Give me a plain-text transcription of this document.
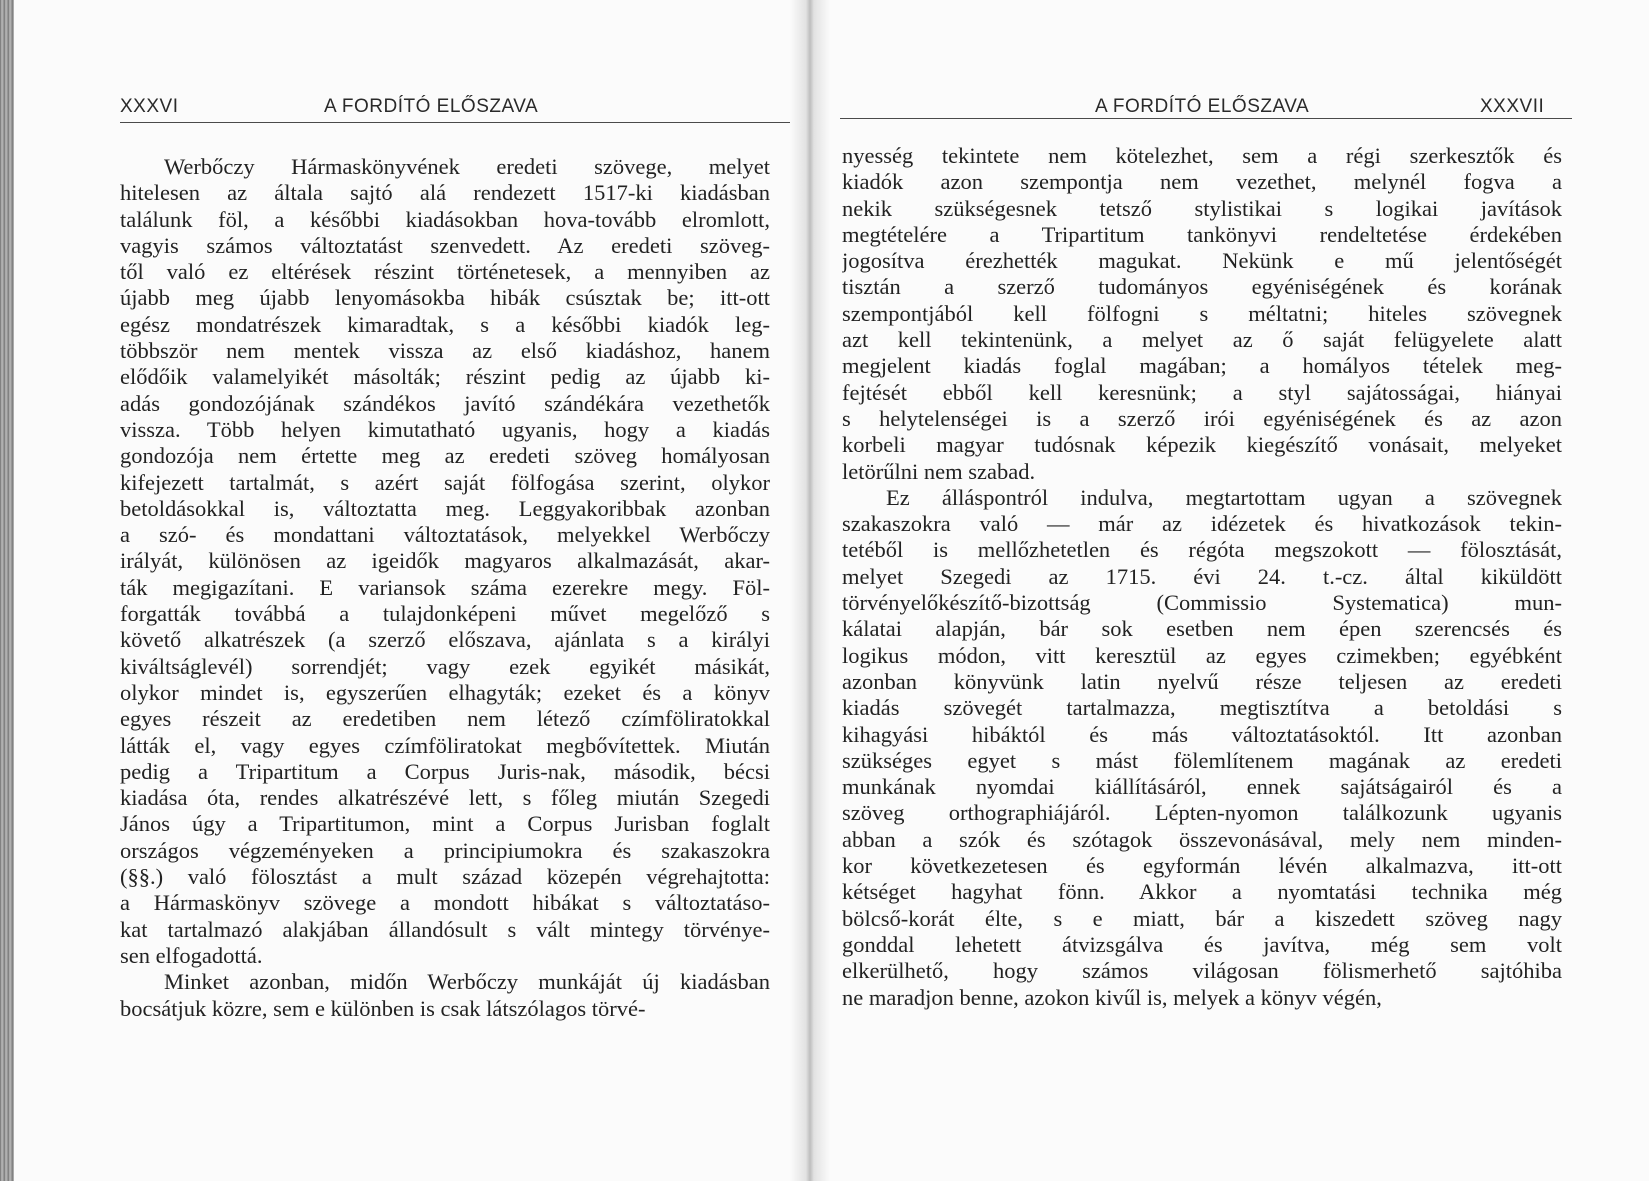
XXXVI	A FORDÍTÓ ELŐSZAVA
Werbőczy Hármaskönyvének eredeti szövege, melyet
hitelesen az általa sajtó alá rendezett 1517-ki kiadásban
találunk föl, a későbbi kiadásokban hova-tovább elromlott,
vagyis számos változtatást szenvedett. Az eredeti szöveg-
től való ez eltérések részint történetesek, a mennyiben az
újabb meg újabb lenyomásokba hibák csúsztak be; itt-ott
egész mondatrészek kimaradtak, s a későbbi kiadók leg-
többször nem mentek vissza az első kiadáshoz, hanem
elődőik valamelyikét másolták; részint pedig az újabb ki-
adás gondozójának szándékos javító szándékára vezethetők
vissza. Több helyen kimutatható ugyanis, hogy a kiadás
gondozója nem értette meg az eredeti szöveg homályosan
kifejezett tartalmát, s azért saját fölfogása szerint, olykor
betoldásokkal is, változtatta meg. Leggyakoribbak azonban
a szó- és mondattani változtatások, melyekkel Werbőczy
irályát, különösen az igeidők magyaros alkalmazását, akar-
ták megigazítani. E variansok száma ezerekre megy. Föl-
forgatták továbbá a tulajdonképeni művet megelőző s
követő alkatrészek (a szerző előszava, ajánlata s a királyi
kiváltságlevél) sorrendjét; vagy ezek egyikét másikát,
olykor mindet is, egyszerűen elhagyták; ezeket és a könyv
egyes részeit az eredetiben nem létező czímföliratokkal
látták el, vagy egyes czímföliratokat megbővítettek. Miután
pedig a Tripartitum a Corpus Juris-nak, második, bécsi
kiadása óta, rendes alkatrészévé lett, s főleg miután Szegedi
János úgy a Tripartitumon, mint a Corpus Jurisban foglalt
országos végzeményeken a principiumokra és szakaszokra
(§§.) való fölosztást a mult század közepén végrehajtotta:
a Hármaskönyv szövege a mondott hibákat s változtatáso-
kat tartalmazó alakjában állandósult s vált mintegy törvénye-
sen elfogadottá.
Minket azonban, midőn Werbőczy munkáját új kiadásban
bocsátjuk közre, sem e különben is csak látszólagos törvé-
A FORDÍTÓ ELŐSZAVA	XXXVII
nyesség tekintete nem kötelezhet, sem a régi szerkesztők és
kiadók azon szempontja nem vezethet, melynél fogva a
nekik szükségesnek tetsző stylistikai s logikai javítások
megtételére a Tripartitum tankönyvi rendeltetése érdekében
jogosítva érezhették magukat. Nekünk e mű jelentőségét
tisztán a szerző tudományos egyéniségének és korának
szempontjából kell fölfogni s méltatni; hiteles szövegnek
azt kell tekintenünk, a melyet az ő saját felügyelete alatt
megjelent kiadás foglal magában; a homályos tételek meg-
fejtését ebből kell keresnünk; a styl sajátosságai, hiányai
s helytelenségei is a szerző irói egyéniségének és az azon
korbeli magyar tudósnak képezik kiegészítő vonásait, melyeket
letörűlni nem szabad.
Ez álláspontról indulva, megtartottam ugyan a szövegnek
szakaszokra való — már az idézetek és hivatkozások tekin-
tetéből is mellőzhetetlen és régóta megszokott — fölosztását,
melyet Szegedi az 1715. évi 24. t.-cz. által kiküldött
törvényelőkészítő-bizottság (Commissio Systematica) mun-
kálatai alapján, bár sok esetben nem épen szerencsés és
logikus módon, vitt keresztül az egyes czimekben; egyébként
azonban könyvünk latin nyelvű része teljesen az eredeti
kiadás szövegét tartalmazza, megtisztítva a betoldási s
kihagyási hibáktól és más változtatásoktól. Itt azonban
szükséges egyet s mást fölemlítenem magának az eredeti
munkának nyomdai kiállításáról, ennek sajátságairól és a
szöveg orthographiájáról. Lépten-nyomon találkozunk ugyanis
abban a szók és szótagok összevonásával, mely nem minden-
kor következetesen és egyformán lévén alkalmazva, itt-ott
kétséget hagyhat fönn. Akkor a nyomtatási technika még
bölcső-korát élte, s e miatt, bár a kiszedett szöveg nagy
gonddal lehetett átvizsgálva és javítva, még sem volt
elkerülhető, hogy számos világosan fölismerhető sajtóhiba
ne maradjon benne, azokon kivűl is, melyek a könyv végén,
